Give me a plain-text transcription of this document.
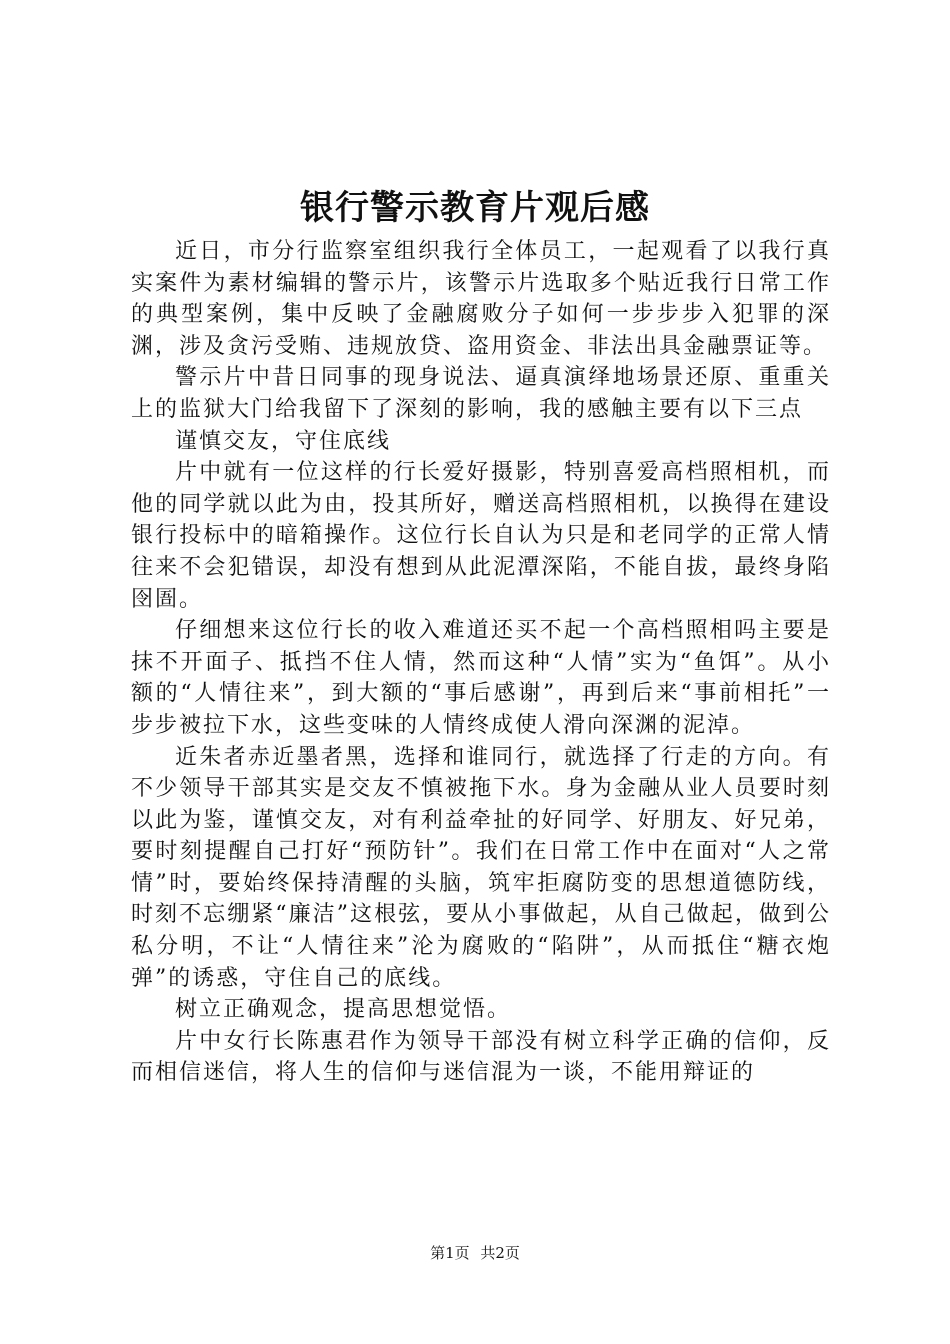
银行警示教育片观后感

近日，市分行监察室组织我行全体员工，一起观看了以我行真实案件为素材编辑的警示片，该警示片选取多个贴近我行日常工作的典型案例，集中反映了金融腐败分子如何一步步步入犯罪的深渊，涉及贪污受贿、违规放贷、盗用资金、非法出具金融票证等。

警示片中昔日同事的现身说法、逼真演绎地场景还原、重重关上的监狱大门给我留下了深刻的影响，我的感触主要有以下三点

谨慎交友，守住底线

片中就有一位这样的行长爱好摄影，特别喜爱高档照相机，而他的同学就以此为由，投其所好，赠送高档照相机，以换得在建设银行投标中的暗箱操作。这位行长自认为只是和老同学的正常人情往来不会犯错误，却没有想到从此泥潭深陷，不能自拔，最终身陷囹圄。

仔细想来这位行长的收入难道还买不起一个高档照相吗主要是抹不开面子、抵挡不住人情，然而这种“人情”实为“鱼饵”。从小额的“人情往来”，到大额的“事后感谢”，再到后来“事前相托”一步步被拉下水，这些变味的人情终成使人滑向深渊的泥淖。

近朱者赤近墨者黑，选择和谁同行，就选择了行走的方向。有不少领导干部其实是交友不慎被拖下水。身为金融从业人员要时刻以此为鉴，谨慎交友，对有利益牵扯的好同学、好朋友、好兄弟，要时刻提醒自己打好“预防针”。我们在日常工作中在面对“人之常情”时，要始终保持清醒的头脑，筑牢拒腐防变的思想道德防线，时刻不忘绷紧“廉洁”这根弦，要从小事做起，从自己做起，做到公私分明，不让“人情往来”沦为腐败的“陷阱”，从而抵住“糖衣炮弹”的诱惑，守住自己的底线。

树立正确观念，提高思想觉悟。

片中女行长陈惠君作为领导干部没有树立科学正确的信仰，反而相信迷信，将人生的信仰与迷信混为一谈，不能用辩证的

第1页 共2页
